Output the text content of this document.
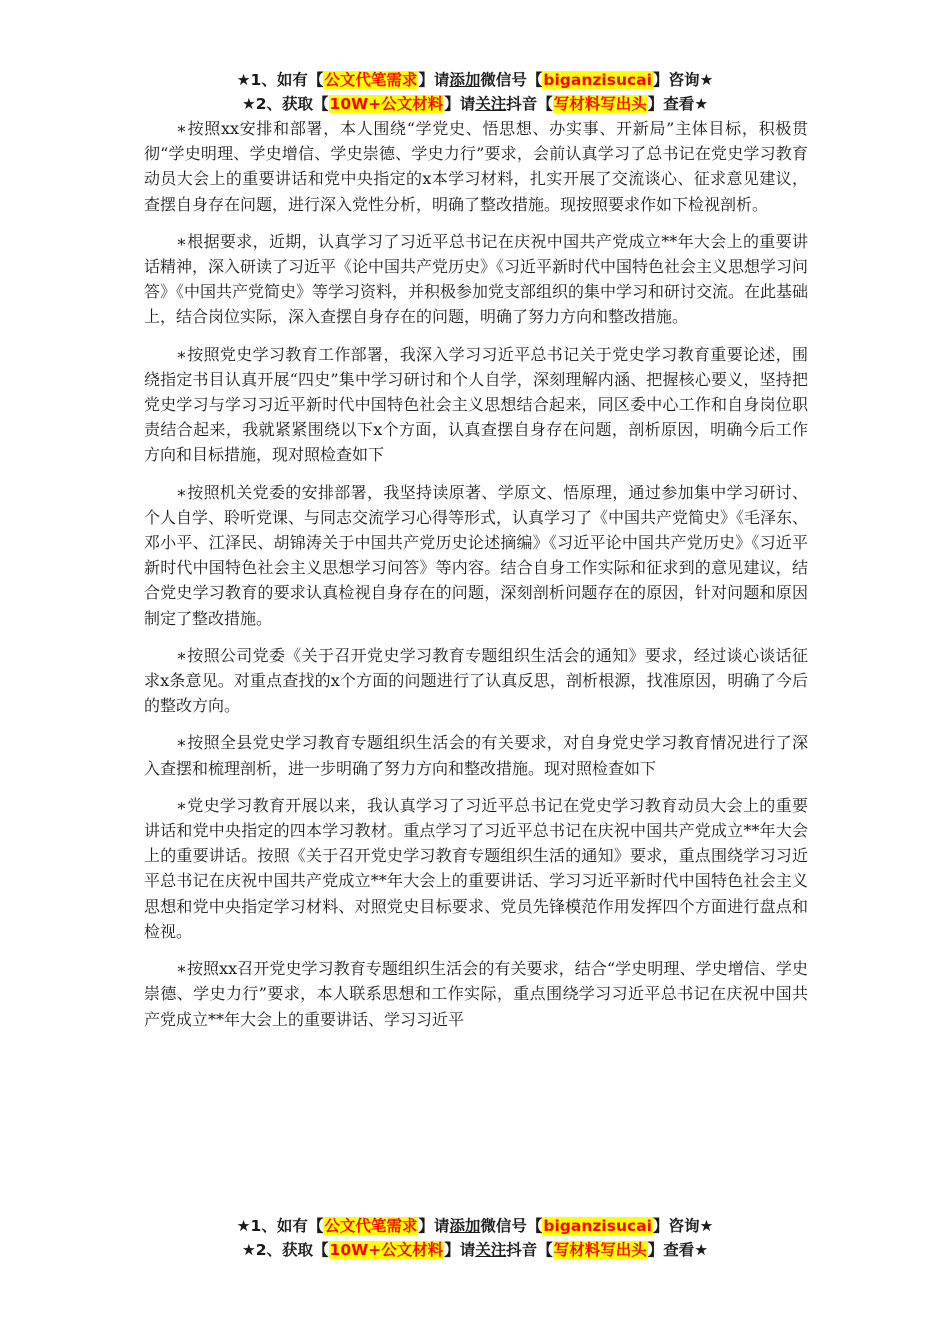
★1、如有【公文代笔需求】请添加微信号【biganzisucai】咨询★
★2、获取【10W+公文材料】请关注抖音【写材料写出头】查看★

∗按照xx安排和部署，本人围绕“学党史、悟思想、办实事、开新局”主体目标，积极贯彻“学史明理、学史增信、学史崇德、学史力行”要求，会前认真学习了总书记在党史学习教育动员大会上的重要讲话和党中央指定的x本学习材料，扎实开展了交流谈心、征求意见建议，查摆自身存在问题，进行深入党性分析，明确了整改措施。现按照要求作如下检视剖析。

∗根据要求，近期，认真学习了习近平总书记在庆祝中国共产党成立**年大会上的重要讲话精神，深入研读了习近平《论中国共产党历史》《习近平新时代中国特色社会主义思想学习问答》《中国共产党简史》等学习资料，并积极参加党支部组织的集中学习和研讨交流。在此基础上，结合岗位实际，深入查摆自身存在的问题，明确了努力方向和整改措施。

∗按照党史学习教育工作部署，我深入学习习近平总书记关于党史学习教育重要论述，围绕指定书目认真开展“四史”集中学习研讨和个人自学，深刻理解内涵、把握核心要义，坚持把党史学习与学习习近平新时代中国特色社会主义思想结合起来，同区委中心工作和自身岗位职责结合起来，我就紧紧围绕以下x个方面，认真查摆自身存在问题，剖析原因，明确今后工作方向和目标措施，现对照检查如下

∗按照机关党委的安排部署，我坚持读原著、学原文、悟原理，通过参加集中学习研讨、个人自学、聆听党课、与同志交流学习心得等形式，认真学习了《中国共产党简史》《毛泽东、邓小平、江泽民、胡锦涛关于中国共产党历史论述摘编》《习近平论中国共产党历史》《习近平新时代中国特色社会主义思想学习问答》等内容。结合自身工作实际和征求到的意见建议，结合党史学习教育的要求认真检视自身存在的问题，深刻剖析问题存在的原因，针对问题和原因制定了整改措施。

∗按照公司党委《关于召开党史学习教育专题组织生活会的通知》要求，经过谈心谈话征求x条意见。对重点查找的x个方面的问题进行了认真反思，剖析根源，找准原因，明确了今后的整改方向。

∗按照全县党史学习教育专题组织生活会的有关要求，对自身党史学习教育情况进行了深入查摆和梳理剖析，进一步明确了努力方向和整改措施。现对照检查如下

∗党史学习教育开展以来，我认真学习了习近平总书记在党史学习教育动员大会上的重要讲话和党中央指定的四本学习教材。重点学习了习近平总书记在庆祝中国共产党成立**年大会上的重要讲话。按照《关于召开党史学习教育专题组织生活的通知》要求，重点围绕学习习近平总书记在庆祝中国共产党成立**年大会上的重要讲话、学习习近平新时代中国特色社会主义思想和党中央指定学习材料、对照党史目标要求、党员先锋模范作用发挥四个方面进行盘点和检视。

∗按照xx召开党史学习教育专题组织生活会的有关要求，结合“学史明理、学史增信、学史崇德、学史力行”要求，本人联系思想和工作实际，重点围绕学习习近平总书记在庆祝中国共产党成立**年大会上的重要讲话、学习习近平

★1、如有【公文代笔需求】请添加微信号【biganzisucai】咨询★
★2、获取【10W+公文材料】请关注抖音【写材料写出头】查看★
